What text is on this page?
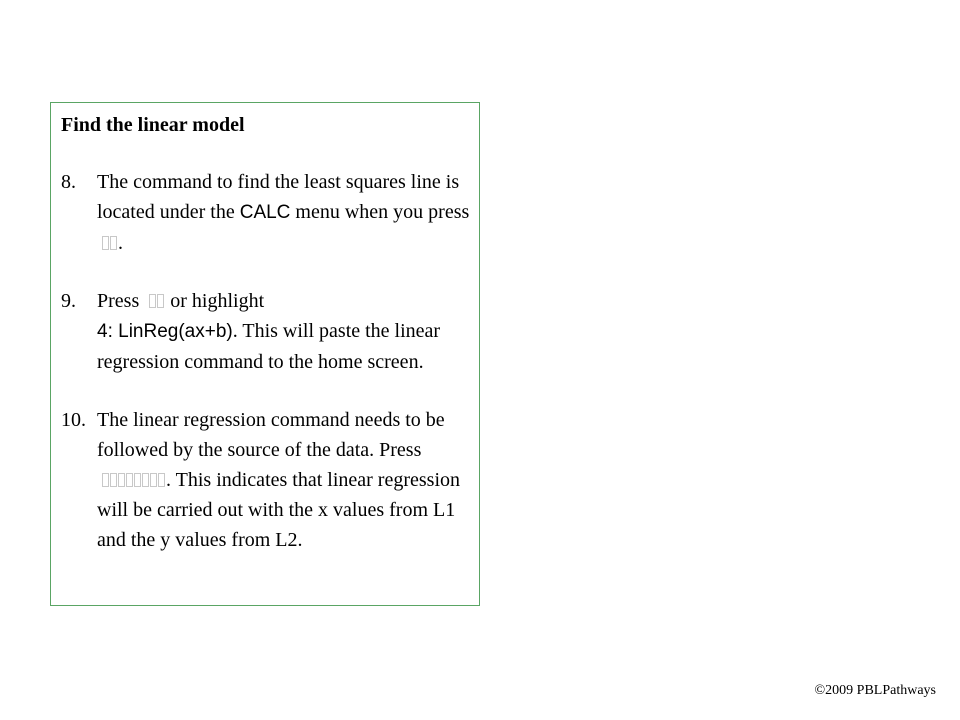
Find the linear model

8. The command to find the least squares line is located under the CALC menu when you press .
9. Press  or highlight
4: LinReg(ax+b). This will paste the linear regression command to the home screen.
10. The linear regression command needs to be followed by the source of the data. Press . This indicates that linear regression will be carried out with the x values from L1 and the y values from L2.
©2009 PBLPathways
